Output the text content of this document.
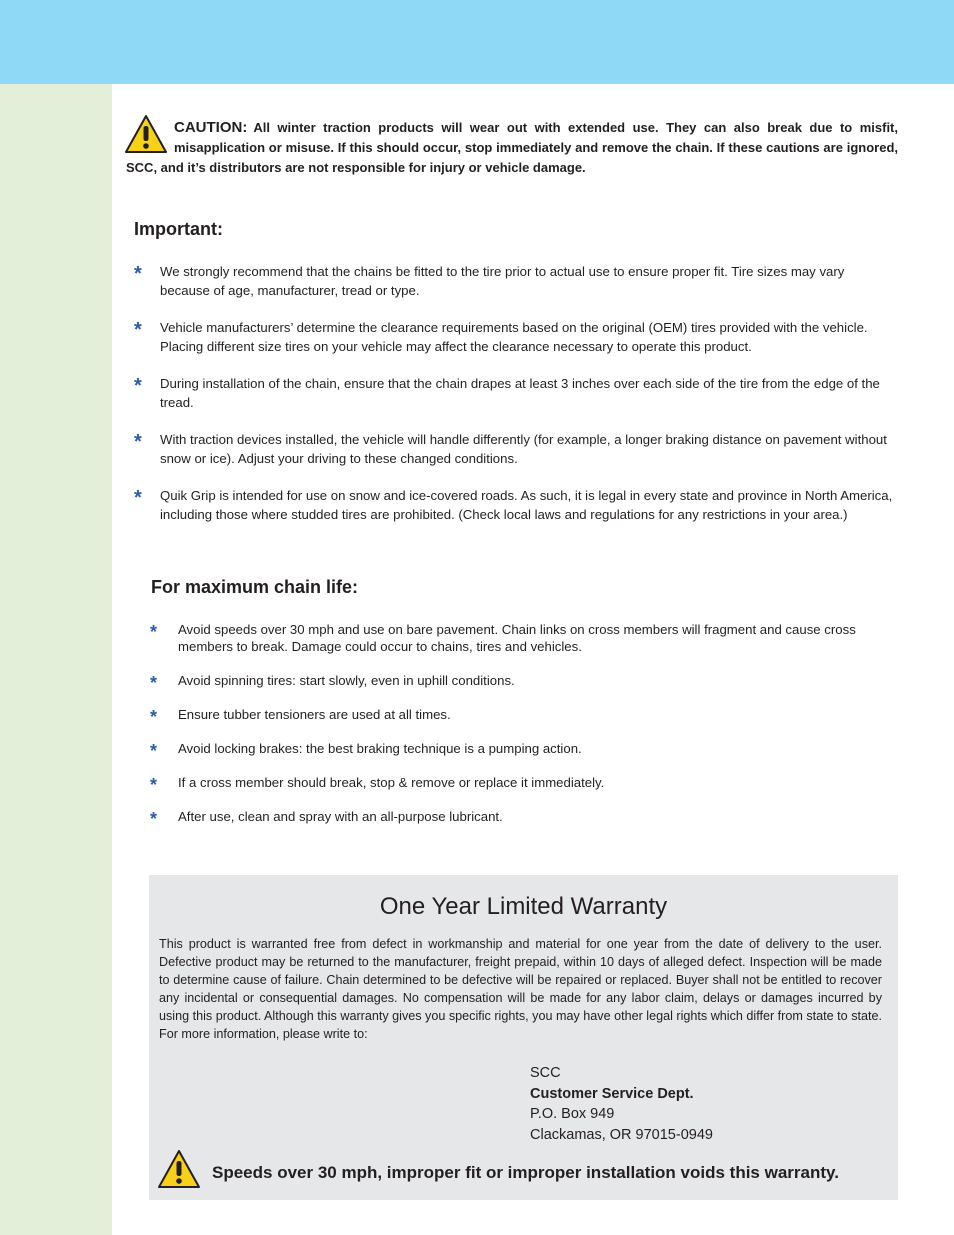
CAUTION: All winter traction products will wear out with extended use. They can also break due to misfit, misapplication or misuse. If this should occur, stop immediately and remove the chain. If these cautions are ignored, SCC, and it’s distributors are not responsible for injury or vehicle damage.

Important:
* We strongly recommend that the chains be fitted to the tire prior to actual use to ensure proper fit. Tire sizes may vary because of age, manufacturer, tread or type.
* Vehicle manufacturers’ determine the clearance requirements based on the original (OEM) tires provided with the vehicle. Placing different size tires on your vehicle may affect the clearance necessary to operate this product.
* During installation of the chain, ensure that the chain drapes at least 3 inches over each side of the tire from the edge of the tread.
* With traction devices installed, the vehicle will handle differently (for example, a longer braking distance on pavement without snow or ice). Adjust your driving to these changed conditions.
* Quik Grip is intended for use on snow and ice-covered roads. As such, it is legal in every state and province in North America, including those where studded tires are prohibited. (Check local laws and regulations for any restrictions in your area.)
For maximum chain life:
* Avoid speeds over 30 mph and use on bare pavement. Chain links on cross members will fragment and cause cross members to break. Damage could occur to chains, tires and vehicles.
* Avoid spinning tires: start slowly, even in uphill conditions.
* Ensure tubber tensioners are used at all times.
* Avoid locking brakes: the best braking technique is a pumping action.
* If a cross member should break, stop & remove or replace it immediately.
* After use, clean and spray with an all-purpose lubricant.
One Year Limited Warranty

This product is warranted free from defect in workmanship and material for one year from the date of delivery to the user. Defective product may be returned to the manufacturer, freight prepaid, within 10 days of alleged defect. Inspection will be made to determine cause of failure. Chain determined to be defective will be repaired or replaced. Buyer shall not be entitled to recover any incidental or consequential damages. No compensation will be made for any labor claim, delays or damages incurred by using this product. Although this warranty gives you specific rights, you may have other legal rights which differ from state to state. For more information, please write to:

SCC
Customer Service Dept.
P.O. Box 949
Clackamas, OR 97015-0949

Speeds over 30 mph, improper fit or improper installation voids this warranty.
